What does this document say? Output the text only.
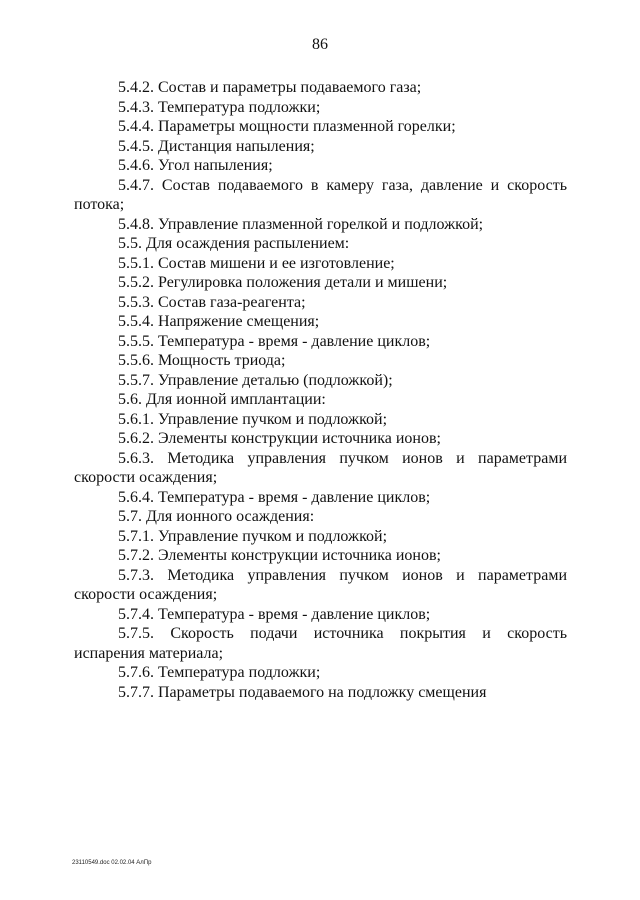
86
5.4.2. Состав и параметры подаваемого газа;
5.4.3. Температура подложки;
5.4.4. Параметры мощности плазменной горелки;
5.4.5. Дистанция напыления;
5.4.6. Угол напыления;
5.4.7. Состав подаваемого в камеру газа, давление и скорость потока;
5.4.8. Управление плазменной горелкой и подложкой;
5.5. Для осаждения распылением:
5.5.1. Состав мишени и ее изготовление;
5.5.2. Регулировка положения детали и мишени;
5.5.3. Состав газа-реагента;
5.5.4. Напряжение смещения;
5.5.5. Температура - время - давление циклов;
5.5.6. Мощность триода;
5.5.7. Управление деталью (подложкой);
5.6. Для ионной имплантации:
5.6.1. Управление пучком и подложкой;
5.6.2. Элементы конструкции источника ионов;
5.6.3. Методика управления пучком ионов и параметрами скорости осаждения;
5.6.4. Температура - время - давление циклов;
5.7. Для ионного осаждения:
5.7.1. Управление пучком и подложкой;
5.7.2. Элементы конструкции источника ионов;
5.7.3. Методика управления пучком ионов и параметрами скорости осаждения;
5.7.4. Температура - время - давление циклов;
5.7.5. Скорость подачи источника покрытия и скорость испарения материала;
5.7.6. Температура подложки;
5.7.7. Параметры подаваемого на подложку смещения
23110549.doc 02.02.04 АлПр
